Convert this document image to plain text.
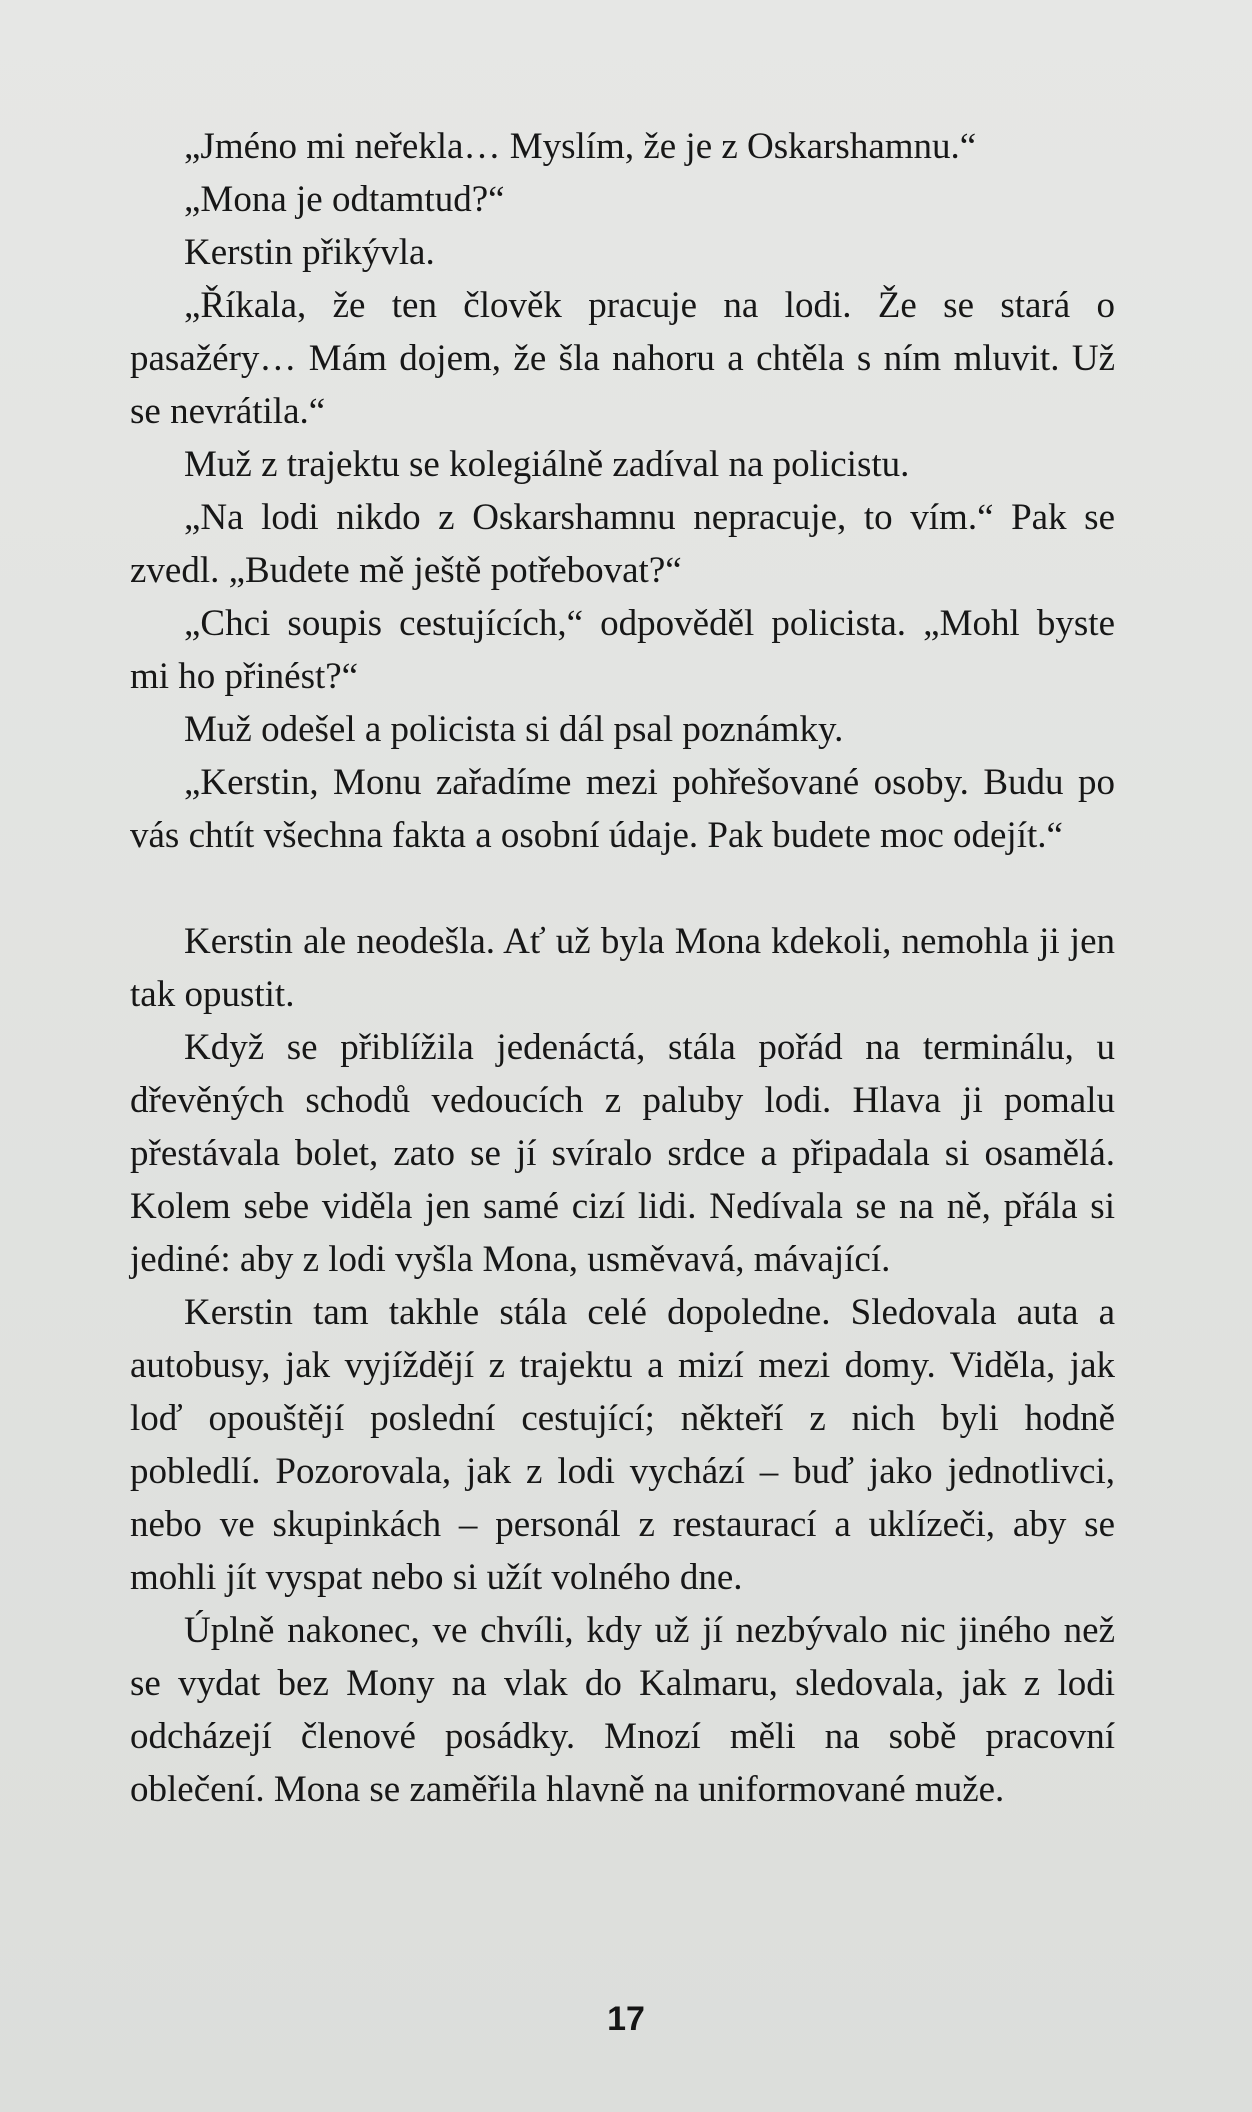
„Jméno mi neřekla… Myslím, že je z Oskarshamnu.“

„Mona je odtamtud?“

Kerstin přikývla.

„Říkala, že ten člověk pracuje na lodi. Že se stará o pasažéry… Mám dojem, že šla nahoru a chtěla s ním mluvit. Už se nevrátila.“

Muž z trajektu se kolegiálně zadíval na policistu.

„Na lodi nikdo z Oskarshamnu nepracuje, to vím.“ Pak se zvedl. „Budete mě ještě potřebovat?“

„Chci soupis cestujících,“ odpověděl policista. „Mohl byste mi ho přinést?“

Muž odešel a policista si dál psal poznámky.

„Kerstin, Monu zařadíme mezi pohřešované osoby. Budu po vás chtít všechna fakta a osobní údaje. Pak budete moc odejít.“

Kerstin ale neodešla. Ať už byla Mona kdekoli, nemohla ji jen tak opustit.

Když se přiblížila jedenáctá, stála pořád na terminálu, u dřevěných schodů vedoucích z paluby lodi. Hlava ji pomalu přestávala bolet, zato se jí svíralo srdce a připadala si osamělá. Kolem sebe viděla jen samé cizí lidi. Nedívala se na ně, přála si jediné: aby z lodi vyšla Mona, usměvavá, mávající.

Kerstin tam takhle stála celé dopoledne. Sledovala auta a autobusy, jak vyjíždějí z trajektu a mizí mezi domy. Viděla, jak loď opouštějí poslední cestující; někteří z nich byli hodně pobledlí. Pozorovala, jak z lodi vychází – buď jako jednotlivci, nebo ve skupinkách – personál z restaurací a uklízeči, aby se mohli jít vyspat nebo si užít volného dne.

Úplně nakonec, ve chvíli, kdy už jí nezbývalo nic jiného než se vydat bez Mony na vlak do Kalmaru, sledovala, jak z lodi odcházejí členové posádky. Mnozí měli na sobě pracovní oblečení. Mona se zaměřila hlavně na uniformované muže.

17
